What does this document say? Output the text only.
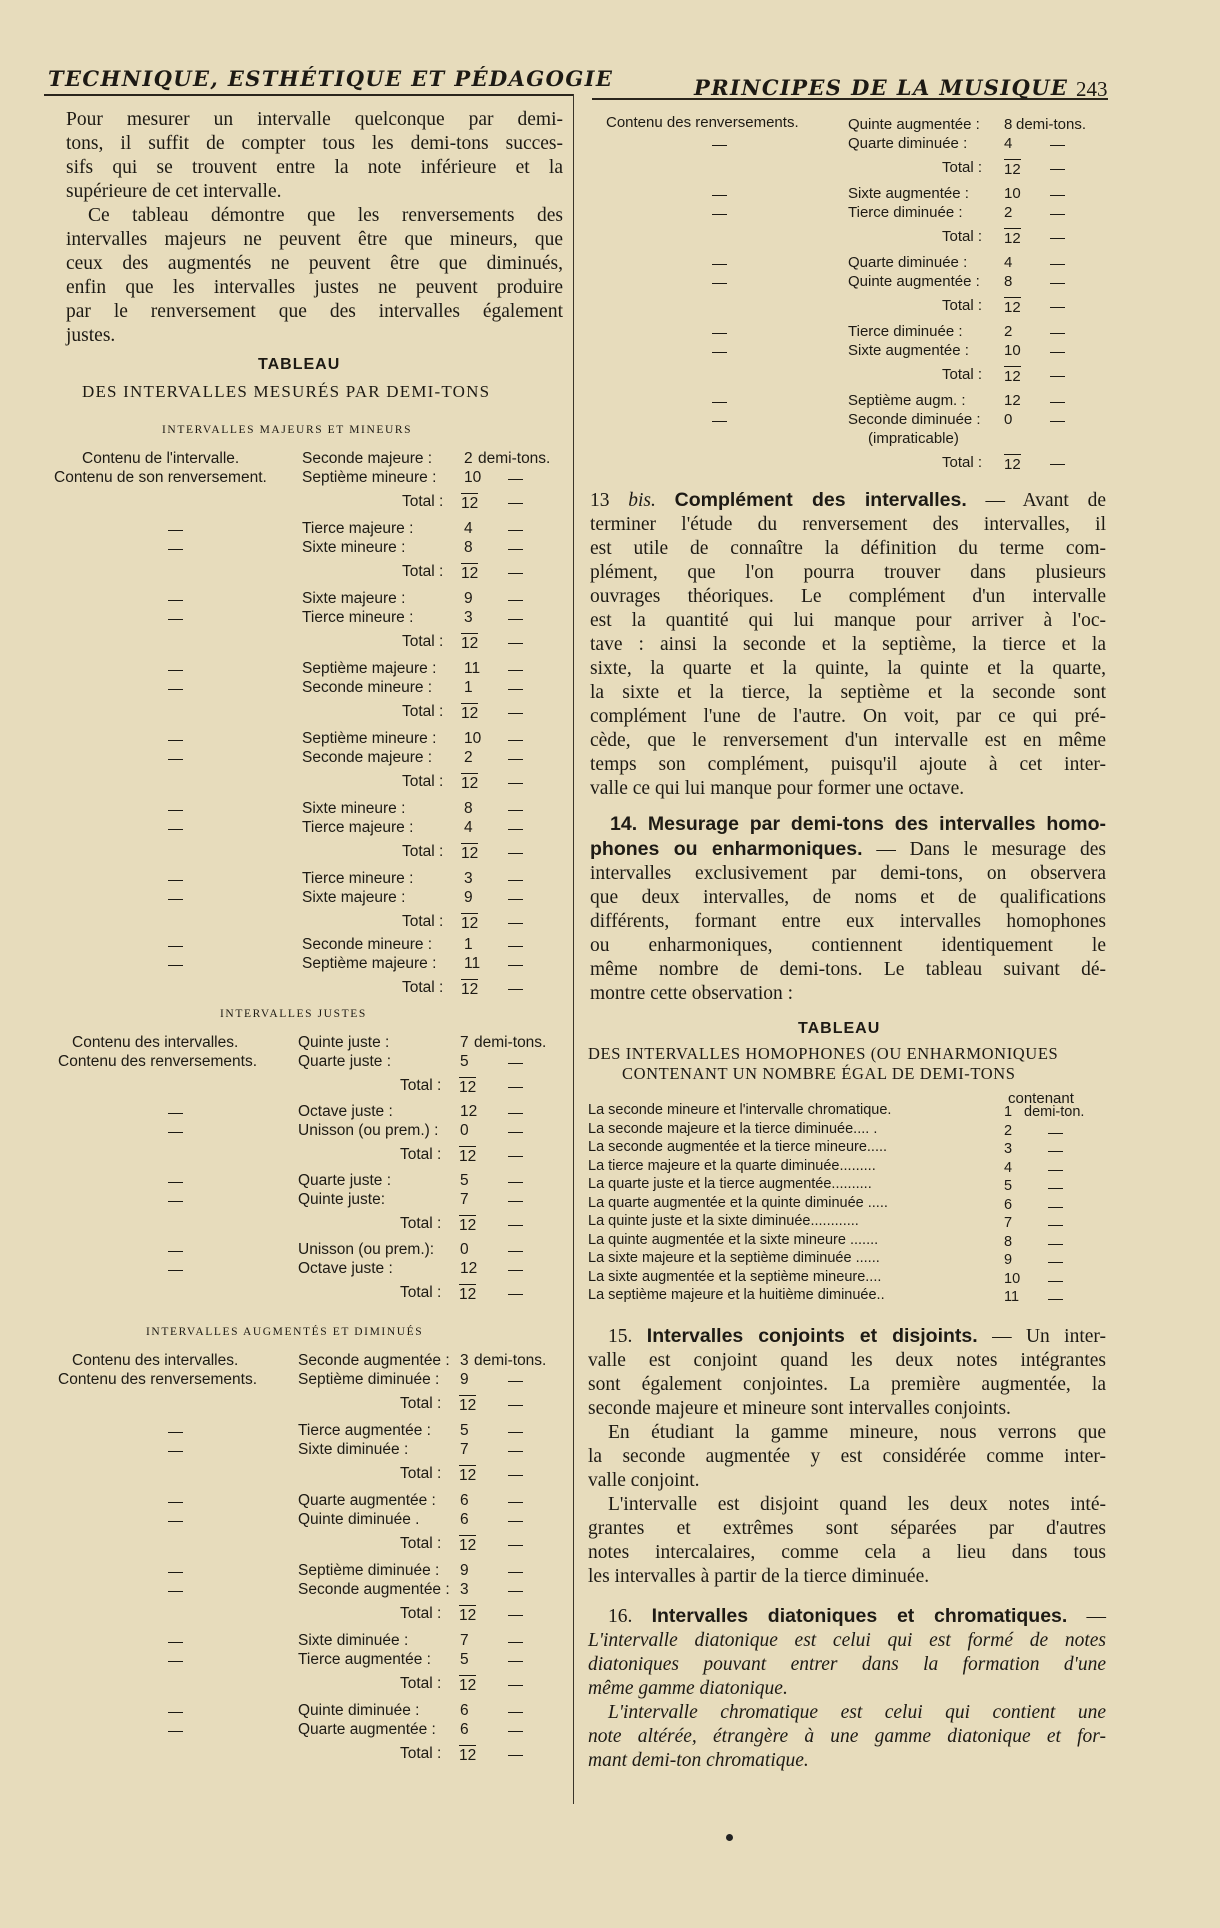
TECHNIQUE, ESTHÉTIQUE ET PÉDAGOGIE	PRINCIPES DE LA MUSIQUE 243
Pour mesurer un intervalle quelconque par demi-
tons, il suffit de compter tous les demi-tons succes-
sifs qui se trouvent entre la note inférieure et la
supérieure de cet intervalle.
Ce tableau démontre que les renversements des
intervalles majeurs ne peuvent être que mineurs, que
ceux des augmentés ne peuvent être que diminués,
enfin que les intervalles justes ne peuvent produire
par le renversement que des intervalles également
justes.
TABLEAU
DES INTERVALLES MESURÉS PAR DEMI-TONS
13 bis. Complément des intervalles. — Avant de
terminer l'étude du renversement des intervalles, il
est utile de connaître la définition du terme com-
plément, que l'on pourra trouver dans plusieurs
ouvrages théoriques. Le complément d'un intervalle
est la quantité qui lui manque pour arriver à l'oc-
tave : ainsi la seconde et la septième, la tierce et la
sixte, la quarte et la quinte, la quinte et la quarte,
la sixte et la tierce, la septième et la seconde sont
complément l'une de l'autre. On voit, par ce qui pré-
cède, que le renversement d'un intervalle est en même
temps son complément, puisqu'il ajoute à cet inter-
valle ce qui lui manque pour former une octave.
14. Mesurage par demi-tons des intervalles homo-
phones ou enharmoniques. — Dans le mesurage des
intervalles exclusivement par demi-tons, on observera
que deux intervalles, de noms et de qualifications
différents, formant entre eux intervalles homophones
ou enharmoniques, contiennent identiquement le
même nombre de demi-tons. Le tableau suivant dé-
montre cette observation :
TABLEAU
DES INTERVALLES HOMOPHONES (OU ENHARMONIQUES
CONTENANT UN NOMBRE ÉGAL DE DEMI-TONS
contenant
15. Intervalles conjoints et disjoints. — Un inter-
valle est conjoint quand les deux notes intégrantes
sont également conjointes. La première augmentée, la
seconde majeure et mineure sont intervalles conjoints.
En étudiant la gamme mineure, nous verrons que
la seconde augmentée y est considérée comme inter-
valle conjoint.
L'intervalle est disjoint quand les deux notes inté-
grantes et extrêmes sont séparées par d'autres
notes intercalaires, comme cela a lieu dans tous
les intervalles à partir de la tierce diminuée.
16. Intervalles diatoniques et chromatiques. —
L'intervalle diatonique est celui qui est formé de notes
diatoniques pouvant entrer dans la formation d'une
même gamme diatonique.
L'intervalle chromatique est celui qui contient une
note altérée, étrangère à une gamme diatonique et for-
mant demi-ton chromatique.
INTERVALLES MAJEURS ET MINEURS
Contenu de l'intervalle.
Contenu de son renversement.
Seconde majeure : 2 demi-tons.
Septième mineure : 10
Total : 12
Tierce majeure :	4
Sixte mineure :	8
Total : 12
Sixte majeure :	9
Tierce mineure :	3
Total : 12
Septième majeure : 11
Seconde mineure : 1
Total : 12
Septième mineure : 10
Seconde majeure : 2
Total : 12
Sixte mineure :	8
Tierce majeure :	4
Total : 12
Tierce mineure :	3
Sixte majeure :	9
Total : 12
Seconde mineure : 1
Septième majeure : 11
Total : 12
INTERVALLES JUSTES
Contenu des intervalles.
Contenu des renversements.
Quinte juste :	7 demi-tons.
Quarte juste :	5
Total : 12
Octave juste :	12
Unisson (ou prem.) : 0
Total : 12
Quarte juste :	5
Quinte juste:	7
Total : 12
Unisson (ou prem.): 0
Octave juste :	12
Total : 12
INTERVALLES AUGMENTÉS ET DIMINUÉS
Contenu des intervalles.
Contenu des renversements.
Seconde augmentée : 3 demi-tons.
Septième diminuée : 9
Total : 12
Tierce augmentée : 5
Sixte diminuée :	7
Total : 12
Quarte augmentée : 6
Quinte diminuée .	6
Total : 12
Septième diminuée : 9
Seconde augmentée : 3
Total : 12
Sixte diminuée :	7
Tierce augmentée : 5
Total : 12
Quinte diminuée :	6
Quarte augmentée : 6
Total : 12
Contenu des renversements.	Quinte augmentée : 8 demi-tons.
Quarte diminuée : 4
Total : 12
Sixte augmentée : 10
Tierce diminuée :	2
Total : 12
Quarte diminuée : 4
Quinte augmentée : 8
Total : 12
Tierce diminuée :	2
Sixte augmentée : 10
Total : 12
Septième augm. :	12
Seconde diminuée : 0
(impraticable)
Total : 12
La seconde mineure et l'intervalle chromatique.	1 demi-ton.
La seconde majeure et la tierce diminuée.... .	2
La seconde augmentée et la tierce mineure.....	3
La tierce majeure et la quarte diminuée.........	4
La quarte juste et la tierce augmentée..........	5
La quarte augmentée et la quinte diminuée .....	6
La quinte juste et la sixte diminuée............	7
La quinte augmentée et la sixte mineure .......	8
La sixte majeure et la septième diminuée ......	9
La sixte augmentée et la septième mineure....	10
La septième majeure et la huitième diminuée..	11
